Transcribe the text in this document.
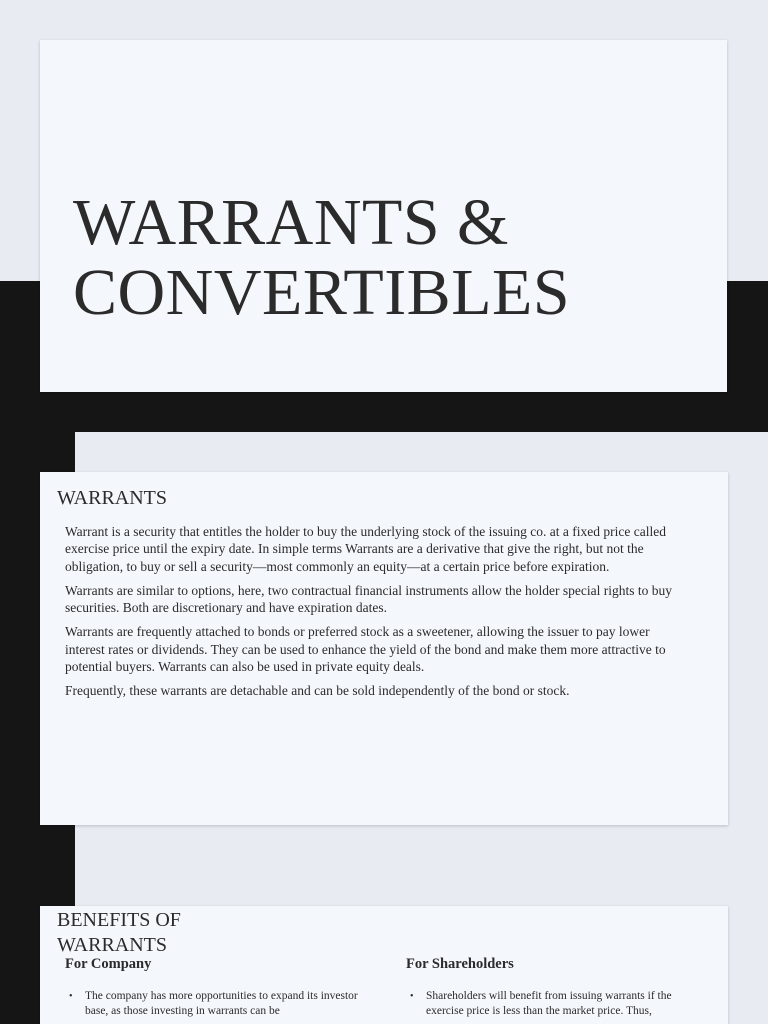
WARRANTS &
CONVERTIBLES
WARRANTS

Warrant is a security that entitles the holder to buy the underlying stock of the issuing co. at a fixed price called exercise price until the expiry date. In simple terms Warrants are a derivative that give the right, but not the obligation, to buy or sell a security—most commonly an equity—at a certain price before expiration.

Warrants are similar to options, here, two contractual financial instruments allow the holder special rights to buy securities. Both are discretionary and have expiration dates.

Warrants are frequently attached to bonds or preferred stock as a sweetener, allowing the issuer to pay lower interest rates or dividends. They can be used to enhance the yield of the bond and make them more attractive to potential buyers. Warrants can also be used in private equity deals.

Frequently, these warrants are detachable and can be sold independently of the bond or stock.

BENEFITS OF
WARRANTS
For Company
• The company has more opportunities to expand its investor base, as those investing in warrants can be
For Shareholders
• Shareholders will benefit from issuing warrants if the exercise price is less than the market price. Thus,
